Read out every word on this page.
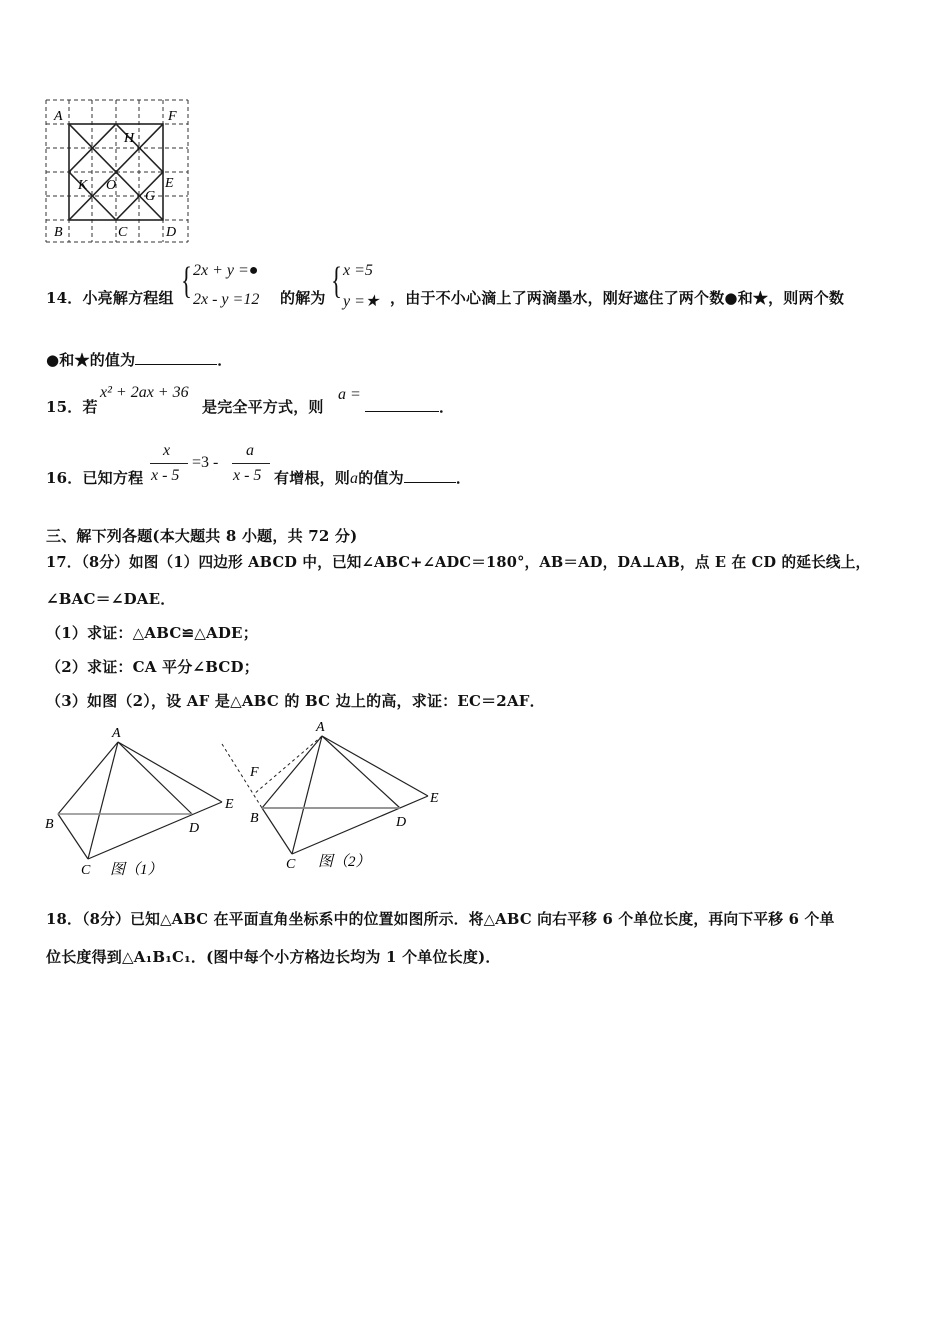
A	F
H
K O
G
E
B	C	D
14．小亮解方程组 { 2x + y =●
2x - y =12 的解为 { x =5
y =★ ，由于不小心滴上了两滴墨水，刚好遮住了两个数●和★，则两个数
●和★的值为	．
15．若
x² + 2ax + 36
是完全平方式，则
a =
．
16．已知方程
x
x - 5
=3 -
a
x - 5 有增根，则a的值为	．
三、解下列各题(本大题共 8 小题，共 72 分)
17．（8分）如图（1）四边形 ABCD 中，已知∠ABC+∠ADC＝180°，AB＝AD，DA⊥AB，点 E 在 CD 的延长线上，
∠BAC＝∠DAE．
（1）求证：△ABC≌△ADE；
（2）求证：CA 平分∠BCD；
（3）如图（2），设 AF 是△ABC 的 BC 边上的高，求证：EC＝2AF．
A
B
C
D
E
图（1）
A
F
B
C
D
E
图（2）
18．（8分）已知△ABC 在平面直角坐标系中的位置如图所示．将△ABC 向右平移 6 个单位长度，再向下平移 6 个单
位长度得到△A₁B₁C₁．(图中每个小方格边长均为 1 个单位长度)．
